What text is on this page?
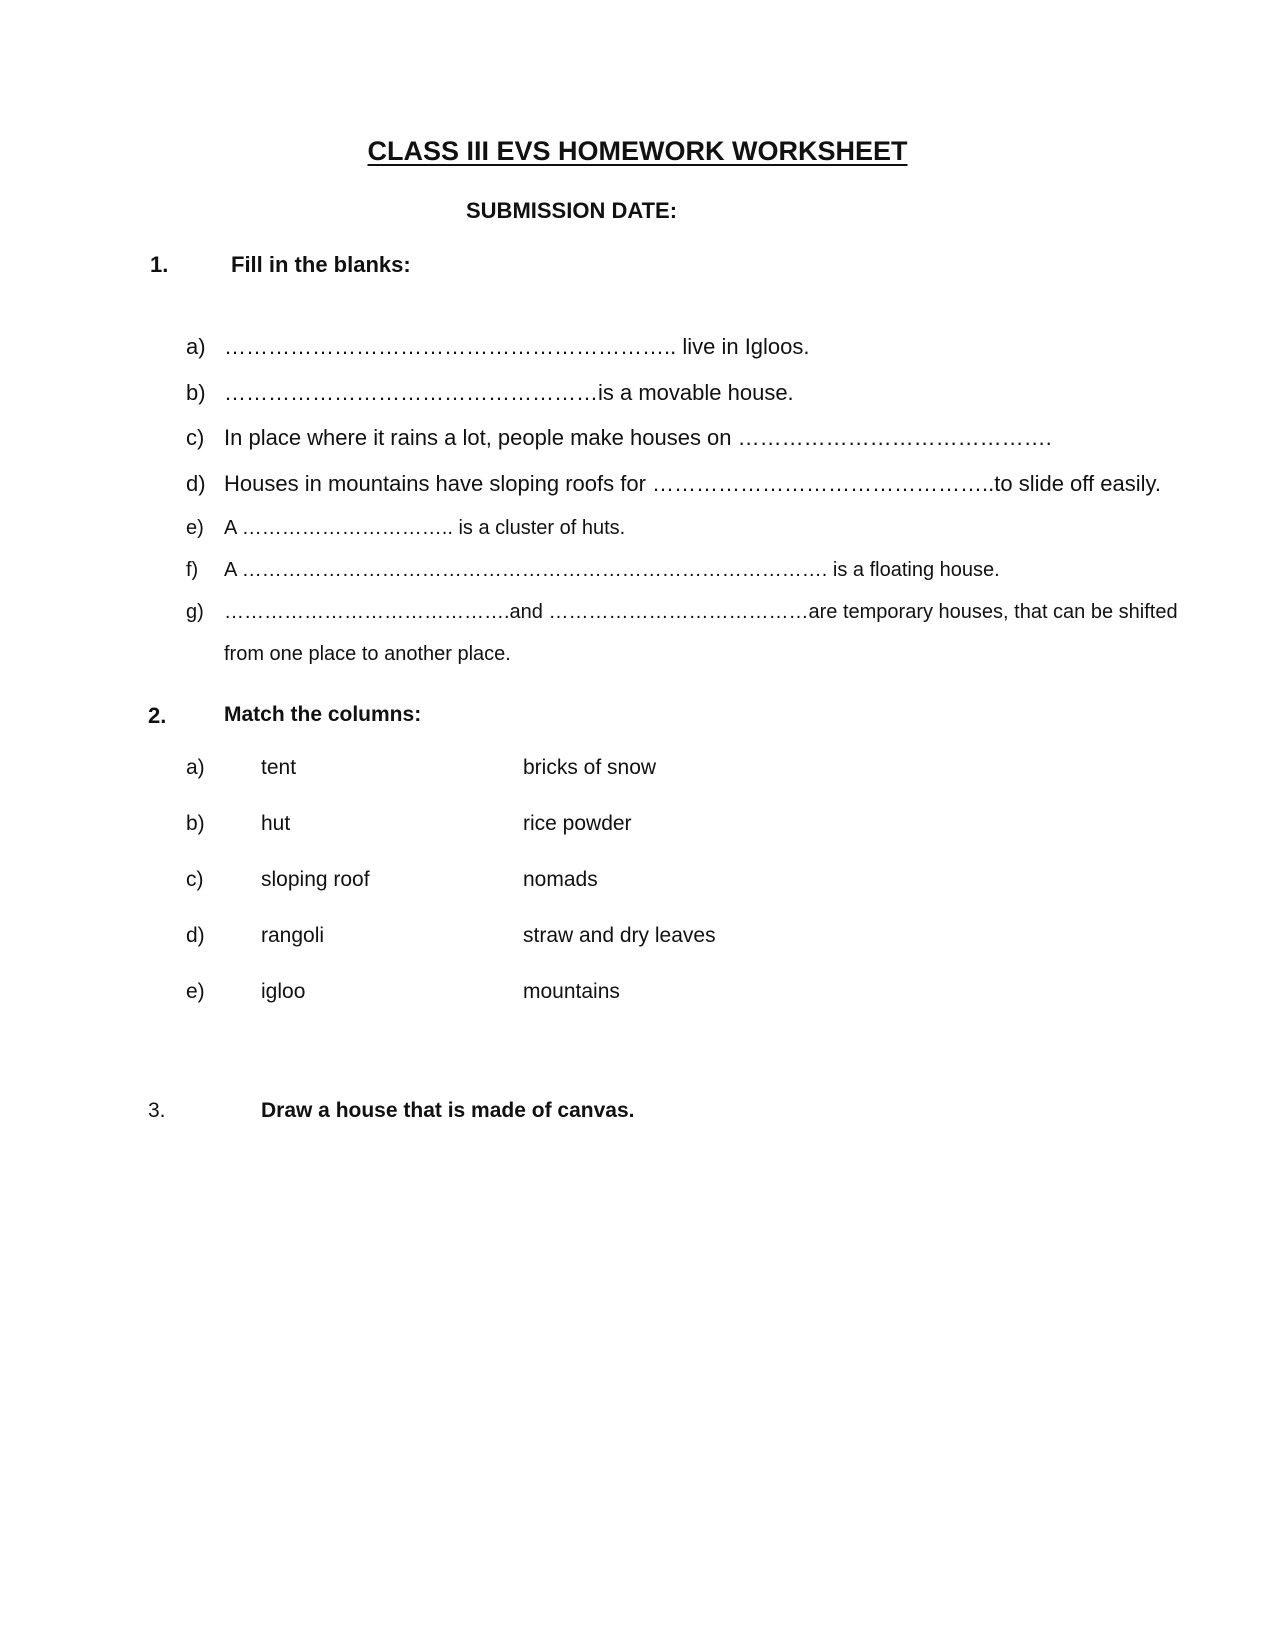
CLASS III EVS HOMEWORK WORKSHEET
SUBMISSION DATE:
1.	Fill in the blanks:
a) …………………………………………………….. live in Igloos.
b) ……………………………………………is a movable house.
c) In place where it rains a lot, people make houses on …………………………………….
d) Houses in mountains have sloping roofs for ………………………………………..to slide off easily.
e) A ………………………….. is a cluster of huts.
f) A ……………………………………………………………………………. is a floating house.
g) …………………………………….and …………………………………are temporary houses, that can be shifted
from one place to another place.
2.	Match the columns:
a)	tent	bricks of snow
b)	hut	rice powder
c)	sloping roof	nomads
d)	rangoli	straw and dry leaves
e)	igloo	mountains
3.	Draw a house that is made of canvas.
